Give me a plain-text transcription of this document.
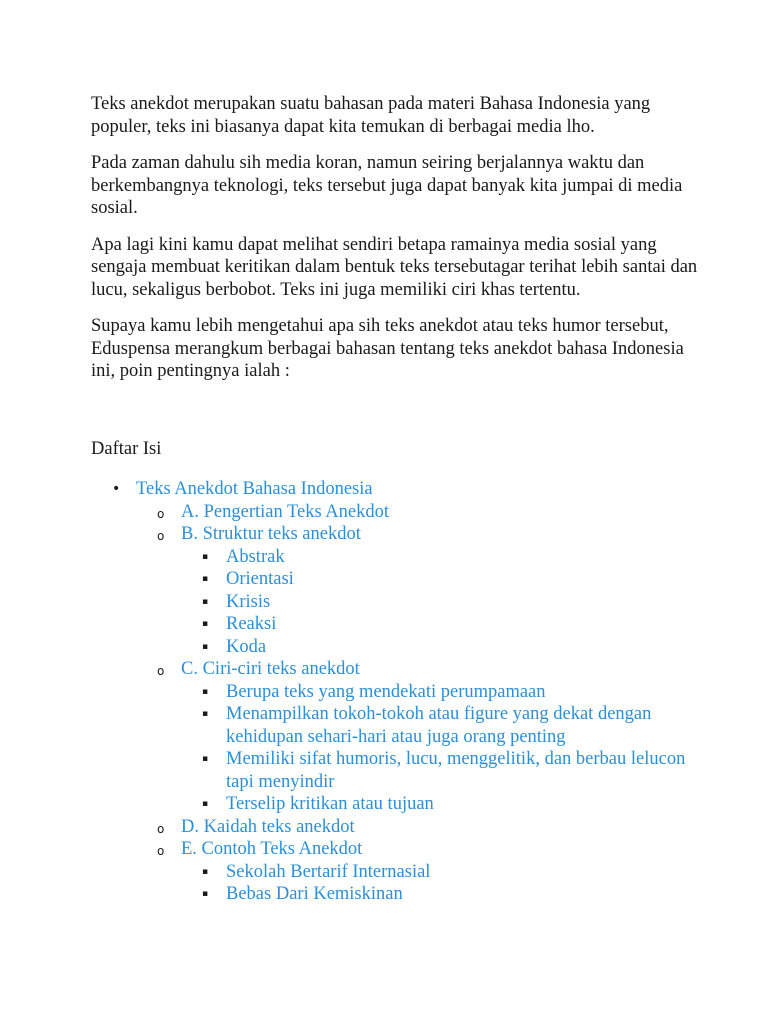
Teks anekdot merupakan suatu bahasan pada materi Bahasa Indonesia yang populer, teks ini biasanya dapat kita temukan di berbagai media lho.

Pada zaman dahulu sih media koran, namun seiring berjalannya waktu dan berkembangnya teknologi, teks tersebut juga dapat banyak kita jumpai di media sosial.

Apa lagi kini kamu dapat melihat sendiri betapa ramainya media sosial yang sengaja membuat keritikan dalam bentuk teks tersebutagar terihat lebih santai dan lucu, sekaligus berbobot. Teks ini juga memiliki ciri khas tertentu.

Supaya kamu lebih mengetahui apa sih teks anekdot atau teks humor tersebut, Eduspensa merangkum berbagai bahasan tentang teks anekdot bahasa Indonesia ini, poin pentingnya ialah :

Daftar Isi
• Teks Anekdot Bahasa Indonesia
o A. Pengertian Teks Anekdot
o B. Struktur teks anekdot
▪ Abstrak
▪ Orientasi
▪ Krisis
▪ Reaksi
▪ Koda
o C. Ciri-ciri teks anekdot
▪ Berupa teks yang mendekati perumpamaan
▪ Menampilkan tokoh-tokoh atau figure yang dekat dengan kehidupan sehari-hari atau juga orang penting
▪ Memiliki sifat humoris, lucu, menggelitik, dan berbau lelucon tapi menyindir
▪ Terselip kritikan atau tujuan
o D. Kaidah teks anekdot
o E. Contoh Teks Anekdot
▪ Sekolah Bertarif Internasial
▪ Bebas Dari Kemiskinan
